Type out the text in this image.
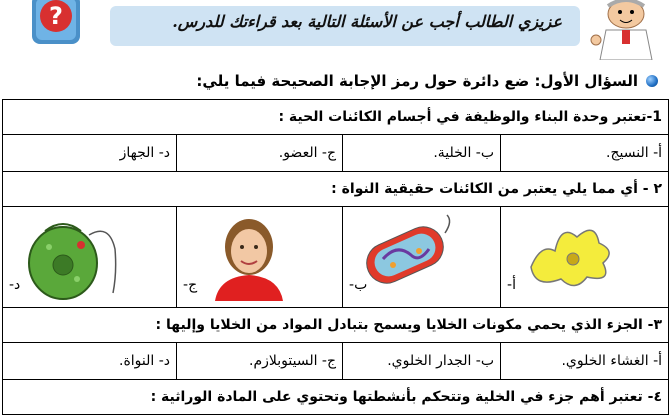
?	عزيزي الطالب أجب عن الأسئلة التالية بعد قراءتك للدرس.
السؤال الأول: ضع دائرة حول رمز الإجابة الصحيحة فيما يلي:
1-تعتبر وحدة البناء والوظيفة في أجسام الكائنات الحية :			
أ- النسيج.	ب- الخلية.	ج- العضو.	د- الجهاز
٢ - أي مما يلي يعتبر من الكائنات حقيقية النواة :			

أ-	ب-	ج-	د-

٣- الجزء الذي يحمي مكونات الخلايا ويسمح بتبادل المواد من الخلايا وإليها :			
أ- الغشاء الخلوي.	ب- الجدار الخلوي.	ج- السيتوبلازم.	د- النواة.
٤- تعتبر أهم جزء في الخلية وتتحكم بأنشطتها وتحتوي على المادة الوراثية :			
